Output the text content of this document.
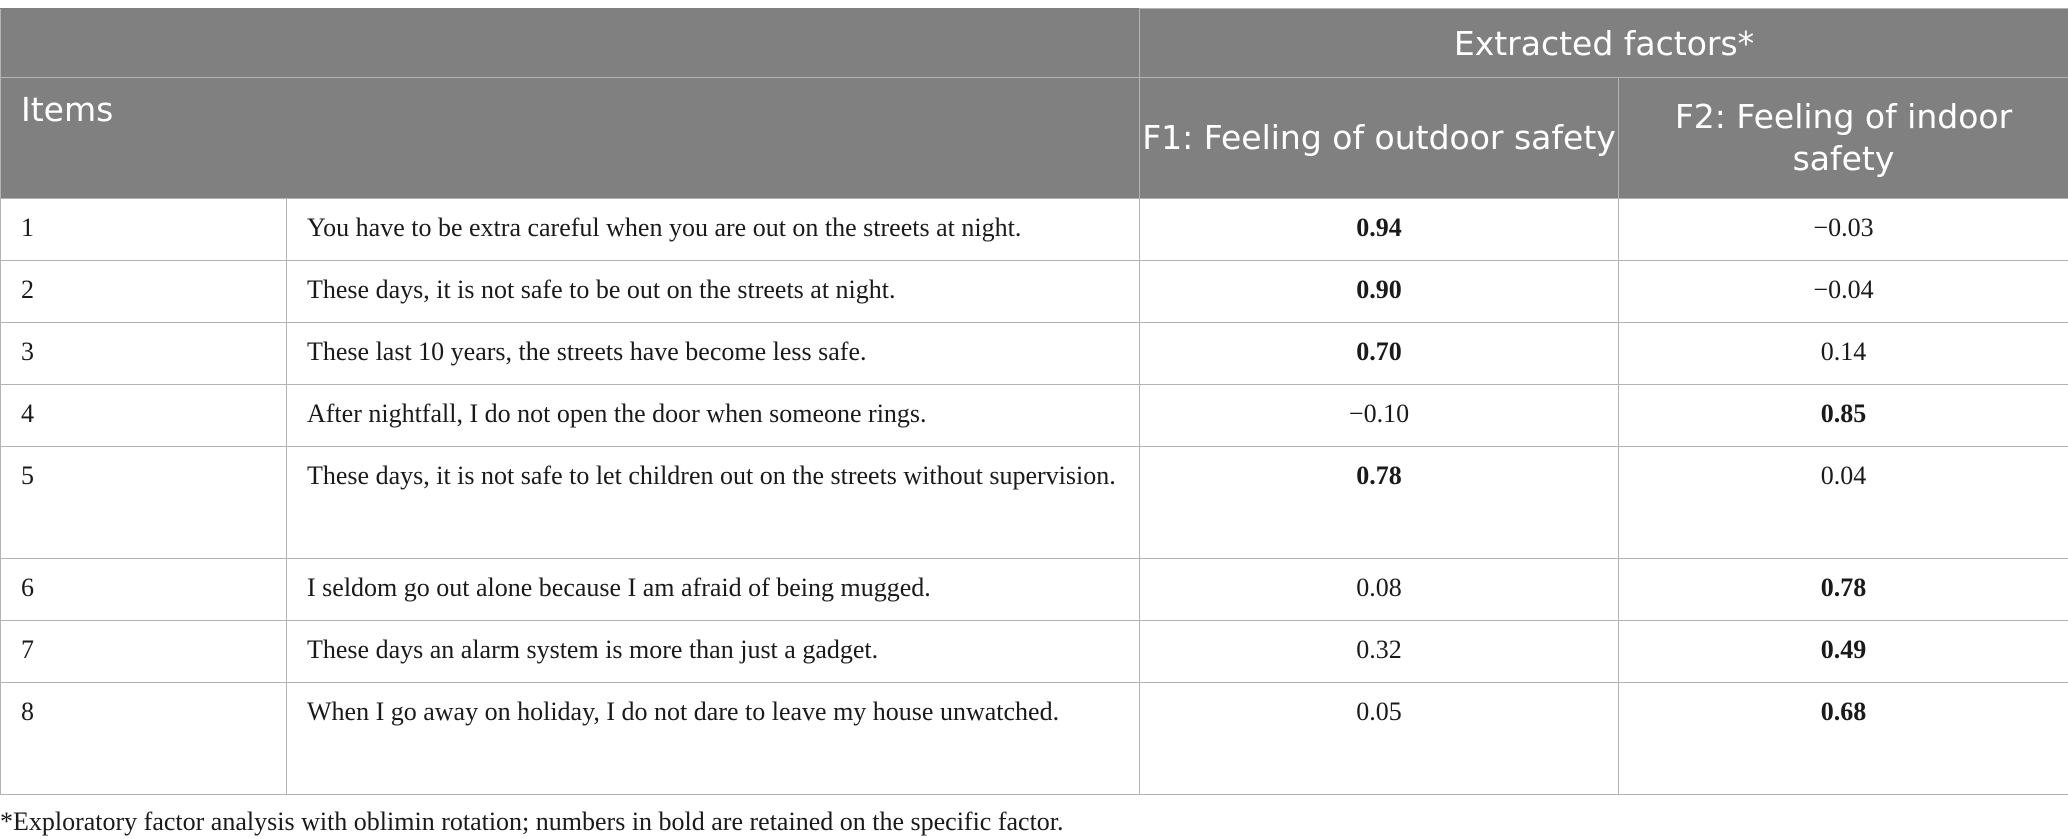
		Extracted factors*	
Items		F1: Feeling of outdoor safety	F2: Feeling of indoor safety
1	You have to be extra careful when you are out on the streets at night.	0.94	−0.03
2	These days, it is not safe to be out on the streets at night.	0.90	−0.04
3	These last 10 years, the streets have become less safe.	0.70	0.14
4	After nightfall, I do not open the door when someone rings.	−0.10	0.85
5	These days, it is not safe to let children out on the streets without supervision.	0.78	0.04
6	I seldom go out alone because I am afraid of being mugged.	0.08	0.78
7	These days an alarm system is more than just a gadget.	0.32	0.49
8	When I go away on holiday, I do not dare to leave my house unwatched.	0.05	0.68
*Exploratory factor analysis with oblimin rotation; numbers in bold are retained on the specific factor.
